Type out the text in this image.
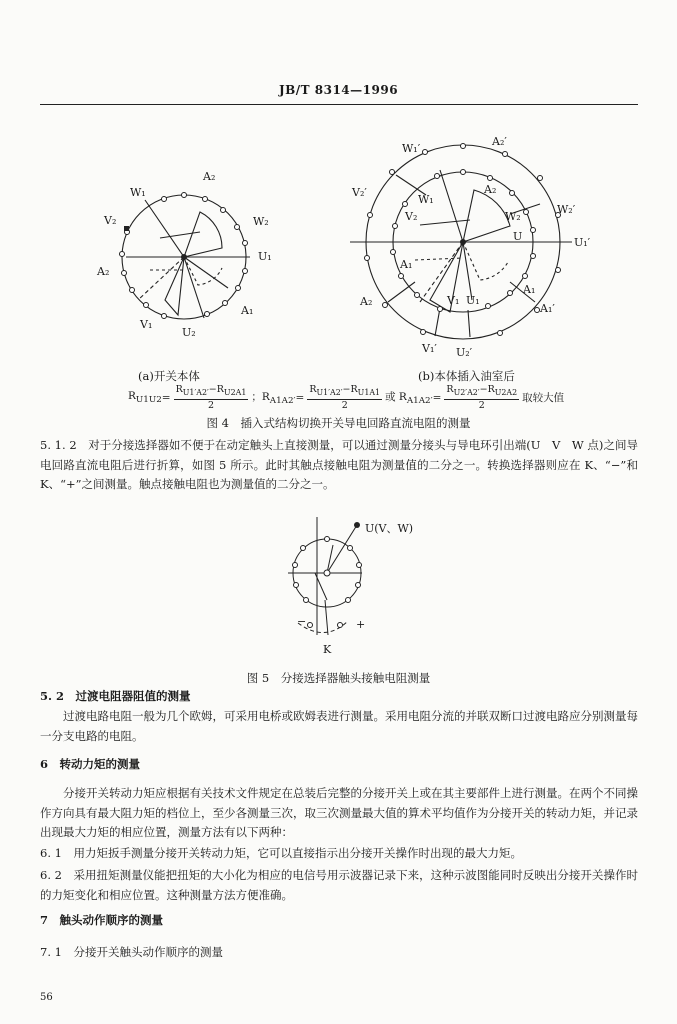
JB/T 8314—1996
A₂
W₁
V₂	W₂
U₁
A₂
A₁
V₁
U₂
W₁′
A₂′
V₂′	A₂
W₁
V₂	W₂
W₂′
U	U₁′
A₁
A₂
A₁
A₁′
V₁ U₁
V₁′ U₂′
(a)开关本体	(b)本体插入油室后
$R_{U1U2} = \frac{R_{U1'A2'}-R_{U2A1}}{2}$ ；$R_{A1A2'} = \frac{R_{U1'A2'}-R_{U1A1}}{2}$ 或 $R_{A1A2'} = \frac{R_{U2'A2'}-R_{U2A2}}{2}$ 取较大值
图 4　插入式结构切换开关导电回路直流电阻的测量
5. 1. 2　对于分接选择器如不便于在动定触头上直接测量，可以通过测量分接头与导电环引出端(U　V　W 点)之间导电回路直流电阻后进行折算，如图 5 所示。此时其触点接触电阻为测量值的二分之一。转换选择器则应在 K、“−”和 K、“+”之间测量。触点接触电阻也为测量值的二分之一。
U(V、W)
−	+
K
图 5　分接选择器触头接触电阻测量
5. 2　过渡电阻器阻值的测量
过渡电路电阻一般为几个欧姆，可采用电桥或欧姆表进行测量。采用电阻分流的并联双断口过渡电路应分别测量每一分支电路的电阻。
6　转动力矩的测量
分接开关转动力矩应根据有关技术文件规定在总装后完整的分接开关上或在其主要部件上进行测量。在两个不同操作方向具有最大阻力矩的档位上，至少各测量三次，取三次测量最大值的算术平均值作为分接开关的转动力矩，并记录出现最大力矩的相应位置，测量方法有以下两种：
6. 1　用力矩扳手测量分接开关转动力矩，它可以直接指示出分接开关操作时出现的最大力矩。
6. 2　采用扭矩测量仪能把扭矩的大小化为相应的电信号用示波器记录下来，这种示波图能同时反映出分接开关操作时的力矩变化和相应位置。这种测量方法方便准确。
7　触头动作顺序的测量
7. 1　分接开关触头动作顺序的测量
56
